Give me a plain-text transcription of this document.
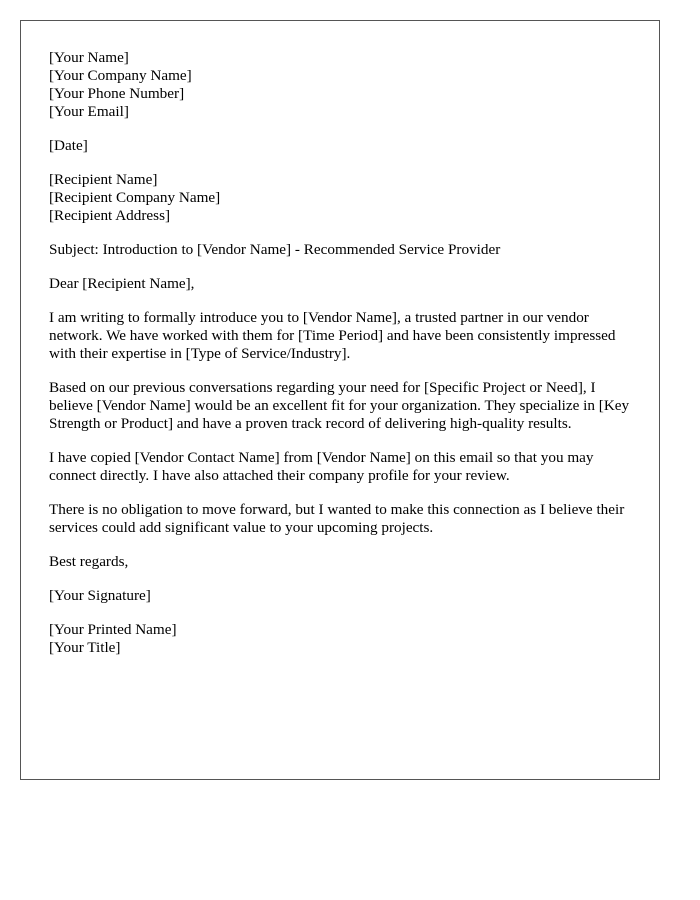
[Your Name]
[Your Company Name]
[Your Phone Number]
[Your Email]
[Date]
[Recipient Name]
[Recipient Company Name]
[Recipient Address]

Subject: Introduction to [Vendor Name] - Recommended Service Provider

Dear [Recipient Name],

I am writing to formally introduce you to [Vendor Name], a trusted partner in our vendor network. We have worked with them for [Time Period] and have been consistently impressed with their expertise in [Type of Service/Industry].

Based on our previous conversations regarding your need for [Specific Project or Need], I believe [Vendor Name] would be an excellent fit for your organization. They specialize in [Key Strength or Product] and have a proven track record of delivering high-quality results.

I have copied [Vendor Contact Name] from [Vendor Name] on this email so that you may connect directly. I have also attached their company profile for your review.

There is no obligation to move forward, but I wanted to make this connection as I believe their services could add significant value to your upcoming projects.

Best regards,

[Your Signature]

[Your Printed Name]
[Your Title]
